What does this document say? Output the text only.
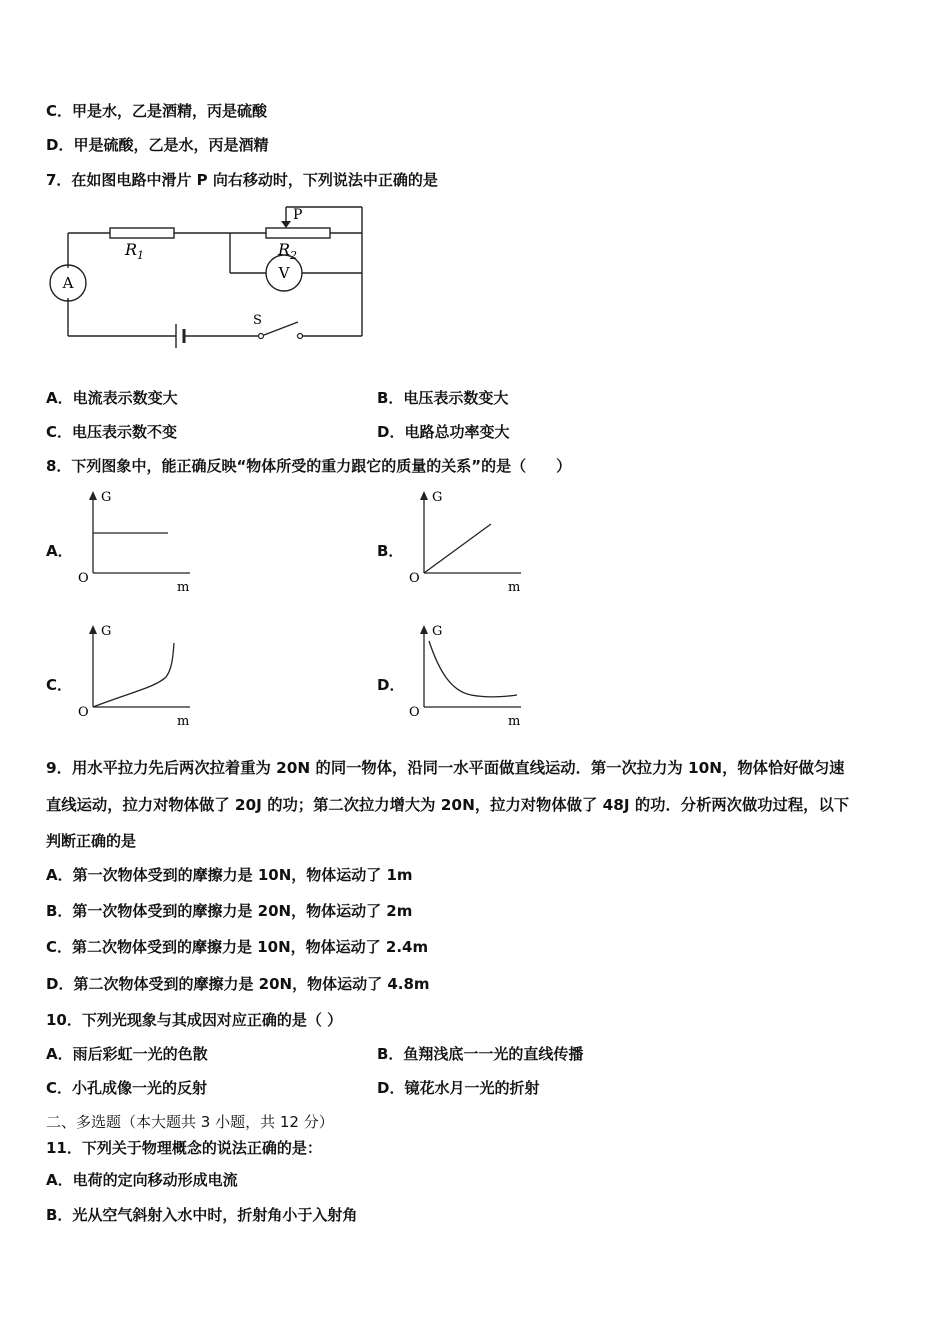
C．甲是水，乙是酒精，丙是硫酸
D．甲是硫酸，乙是水，丙是酒精
7．在如图电路中滑片 P 向右移动时，下列说法中正确的是
$R_1$	$R_2$
P
A
V
S
A．电流表示数变大	B．电压表示数变大
C．电压表示数不变	D．电路总功率变大
8．下列图象中，能正确反映“物体所受的重力跟它的质量的关系”的是（　　）
A．
G
O
m
B．
G
O
m
C．
G
O
m
D．
G
O
m
9．用水平拉力先后两次拉着重为 20N 的同一物体，沿同一水平面做直线运动．第一次拉力为 10N，物体恰好做匀速
直线运动，拉力对物体做了 20J 的功；第二次拉力增大为 20N，拉力对物体做了 48J 的功．分析两次做功过程，以下
判断正确的是
A．第一次物体受到的摩擦力是 10N，物体运动了 1m
B．第一次物体受到的摩擦力是 20N，物体运动了 2m
C．第二次物体受到的摩擦力是 10N，物体运动了 2.4m
D．第二次物体受到的摩擦力是 20N，物体运动了 4.8m
10．下列光现象与其成因对应正确的是（ ）
A．雨后彩虹一光的色散	B．鱼翔浅底一一光的直线传播
C．小孔成像一光的反射	D．镜花水月一光的折射
二、多选题（本大题共 3 小题，共 12 分）
11．下列关于物理概念的说法正确的是：
A．电荷的定向移动形成电流
B．光从空气斜射入水中时，折射角小于入射角
